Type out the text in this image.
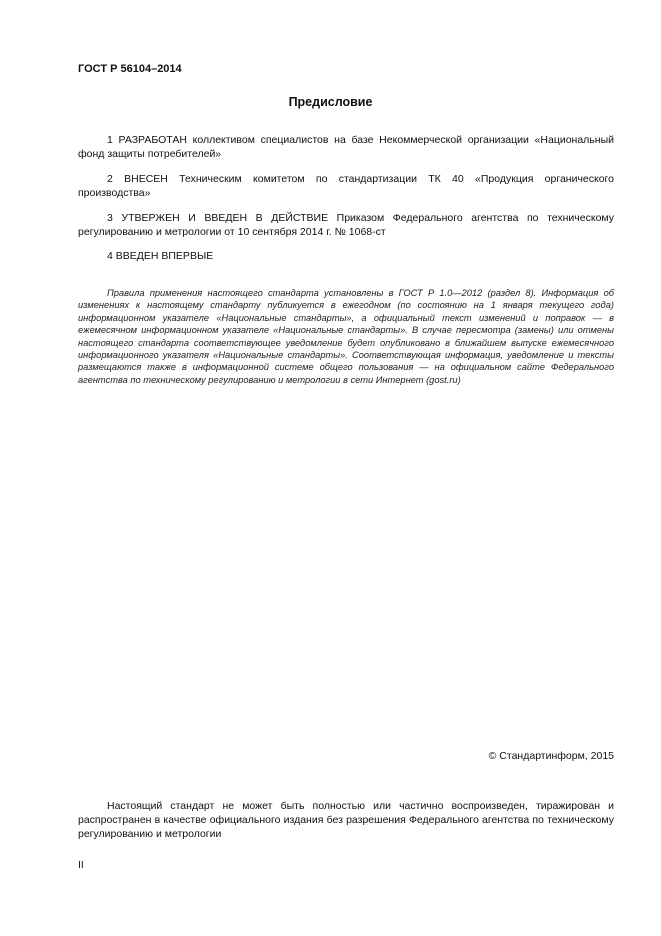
ГОСТ Р 56104–2014
Предисловие
1 РАЗРАБОТАН коллективом специалистов на базе Некоммерческой организации «Национальный фонд защиты потребителей»
2 ВНЕСЕН Техническим комитетом по стандартизации ТК 40 «Продукция органического производства»
3 УТВЕРЖЕН И ВВЕДЕН В ДЕЙСТВИЕ Приказом Федерального агентства по техническому регулированию и метрологии от 10 сентября 2014 г. № 1068-ст
4 ВВЕДЕН ВПЕРВЫЕ
Правила применения настоящего стандарта установлены в ГОСТ Р 1.0—2012 (раздел 8). Информация об изменениях к настоящему стандарту публикуется в ежегодном (по состоянию на 1 января текущего года) информационном указателе «Национальные стандарты», а официальный текст изменений и поправок — в ежемесячном информационном указателе «Национальные стандарты». В случае пересмотра (замены) или отмены настоящего стандарта соответствующее уведомление будет опубликовано в ближайшем выпуске ежемесячного информационного указателя «Национальные стандарты». Соответствующая информация, уведомление и тексты размещаются также в информационной системе общего пользования — на официальном сайте Федерального агентства по техническому регулированию и метрологии в сети Интернет (gost.ru)
© Стандартинформ, 2015
Настоящий стандарт не может быть полностью или частично воспроизведен, тиражирован и распространен в качестве официального издания без разрешения Федерального агентства по техническому регулированию и метрологии
II
